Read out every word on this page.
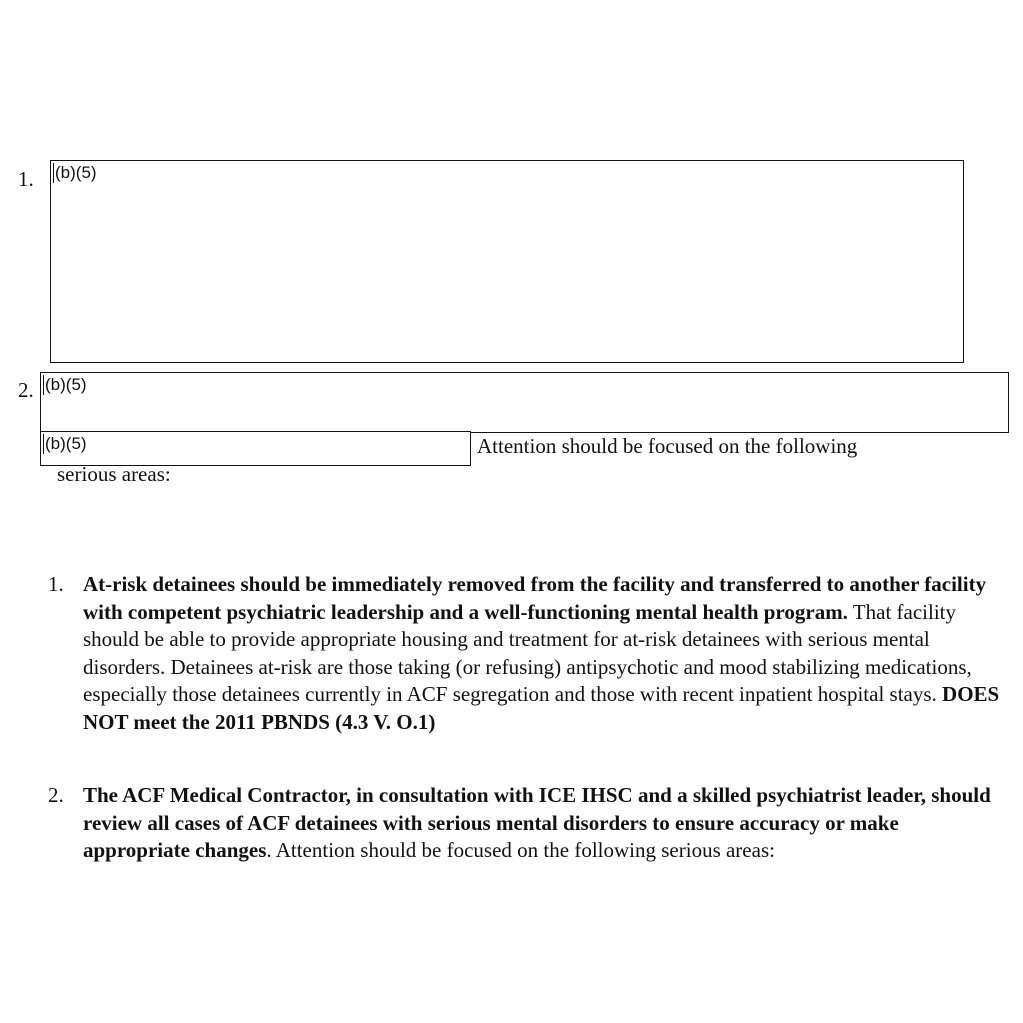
1. (b)(5)
2. (b)(5)
(b)(5)	Attention should be focused on the following
serious areas:
1. At-risk detainees should be immediately removed from the facility and transferred to another facility with competent psychiatric leadership and a well-functioning mental health program. That facility should be able to provide appropriate housing and treatment for at-risk detainees with serious mental disorders. Detainees at-risk are those taking (or refusing) antipsychotic and mood stabilizing medications, especially those detainees currently in ACF segregation and those with recent inpatient hospital stays. DOES NOT meet the 2011 PBNDS (4.3 V. O.1)
2. The ACF Medical Contractor, in consultation with ICE IHSC and a skilled psychiatrist leader, should review all cases of ACF detainees with serious mental disorders to ensure accuracy or make appropriate changes. Attention should be focused on the following serious areas:
